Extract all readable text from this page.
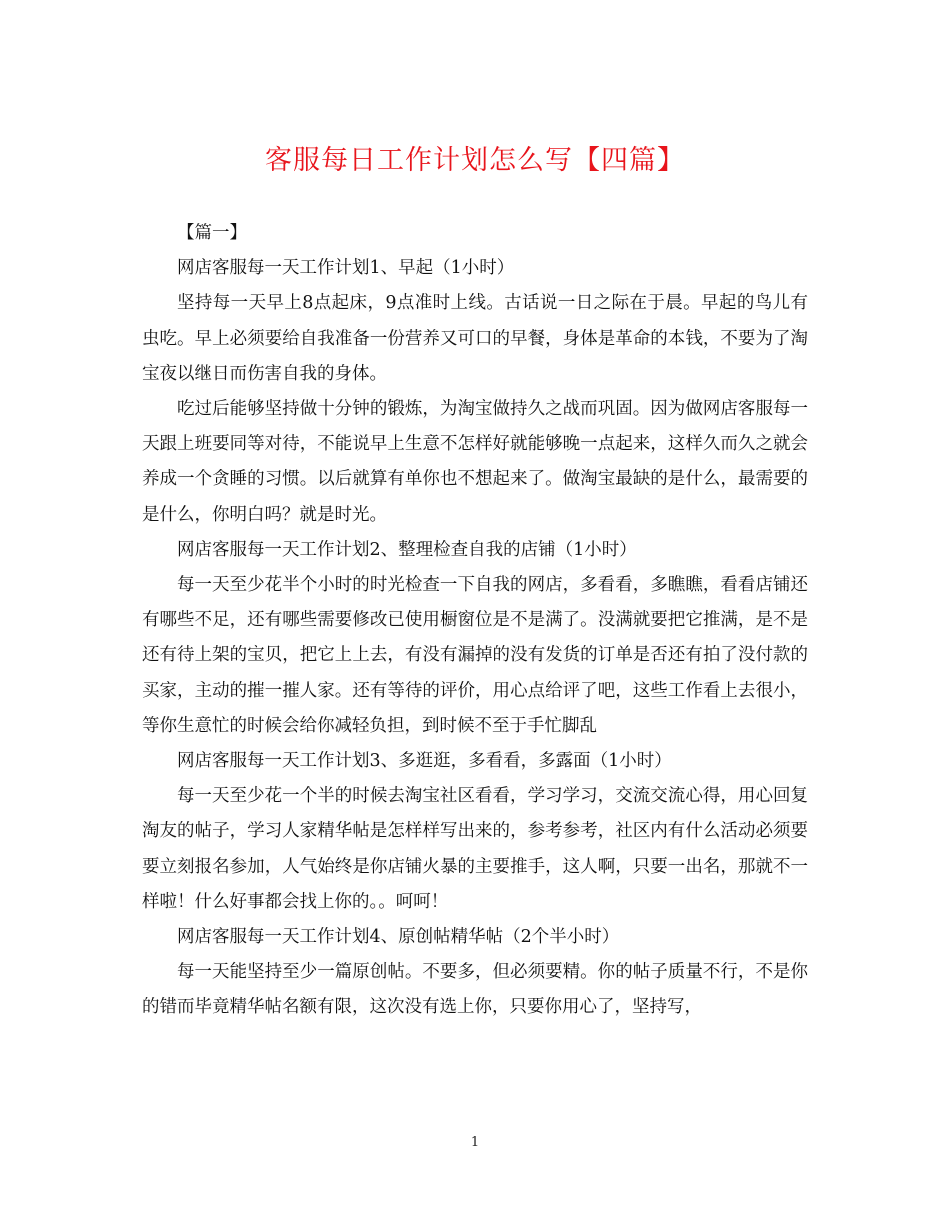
客服每日工作计划怎么写【四篇】

【篇一】

网店客服每一天工作计划1、早起（1小时）

坚持每一天早上8点起床，9点准时上线。古话说一日之际在于晨。早起的鸟儿有虫吃。早上必须要给自我准备一份营养又可口的早餐，身体是革命的本钱，不要为了淘宝夜以继日而伤害自我的身体。

吃过后能够坚持做十分钟的锻炼，为淘宝做持久之战而巩固。因为做网店客服每一天跟上班要同等对待，不能说早上生意不怎样好就能够晚一点起来，这样久而久之就会养成一个贪睡的习惯。以后就算有单你也不想起来了。做淘宝最缺的是什么，最需要的是什么，你明白吗？就是时光。

网店客服每一天工作计划2、整理检查自我的店铺（1小时）

每一天至少花半个小时的时光检查一下自我的网店，多看看，多瞧瞧，看看店铺还有哪些不足，还有哪些需要修改已使用橱窗位是不是满了。没满就要把它推满，是不是还有待上架的宝贝，把它上上去，有没有漏掉的没有发货的订单是否还有拍了没付款的买家，主动的摧一摧人家。还有等待的评价，用心点给评了吧，这些工作看上去很小，等你生意忙的时候会给你减轻负担，到时候不至于手忙脚乱

网店客服每一天工作计划3、多逛逛，多看看，多露面（1小时）

每一天至少花一个半的时候去淘宝社区看看，学习学习，交流交流心得，用心回复淘友的帖子，学习人家精华帖是怎样样写出来的，参考参考，社区内有什么活动必须要要立刻报名参加，人气始终是你店铺火暴的主要推手，这人啊，只要一出名，那就不一样啦！什么好事都会找上你的。。呵呵！

网店客服每一天工作计划4、原创帖精华帖（2个半小时）

每一天能坚持至少一篇原创帖。不要多，但必须要精。你的帖子质量不行，不是你的错而毕竟精华帖名额有限，这次没有选上你，只要你用心了，坚持写，

1
